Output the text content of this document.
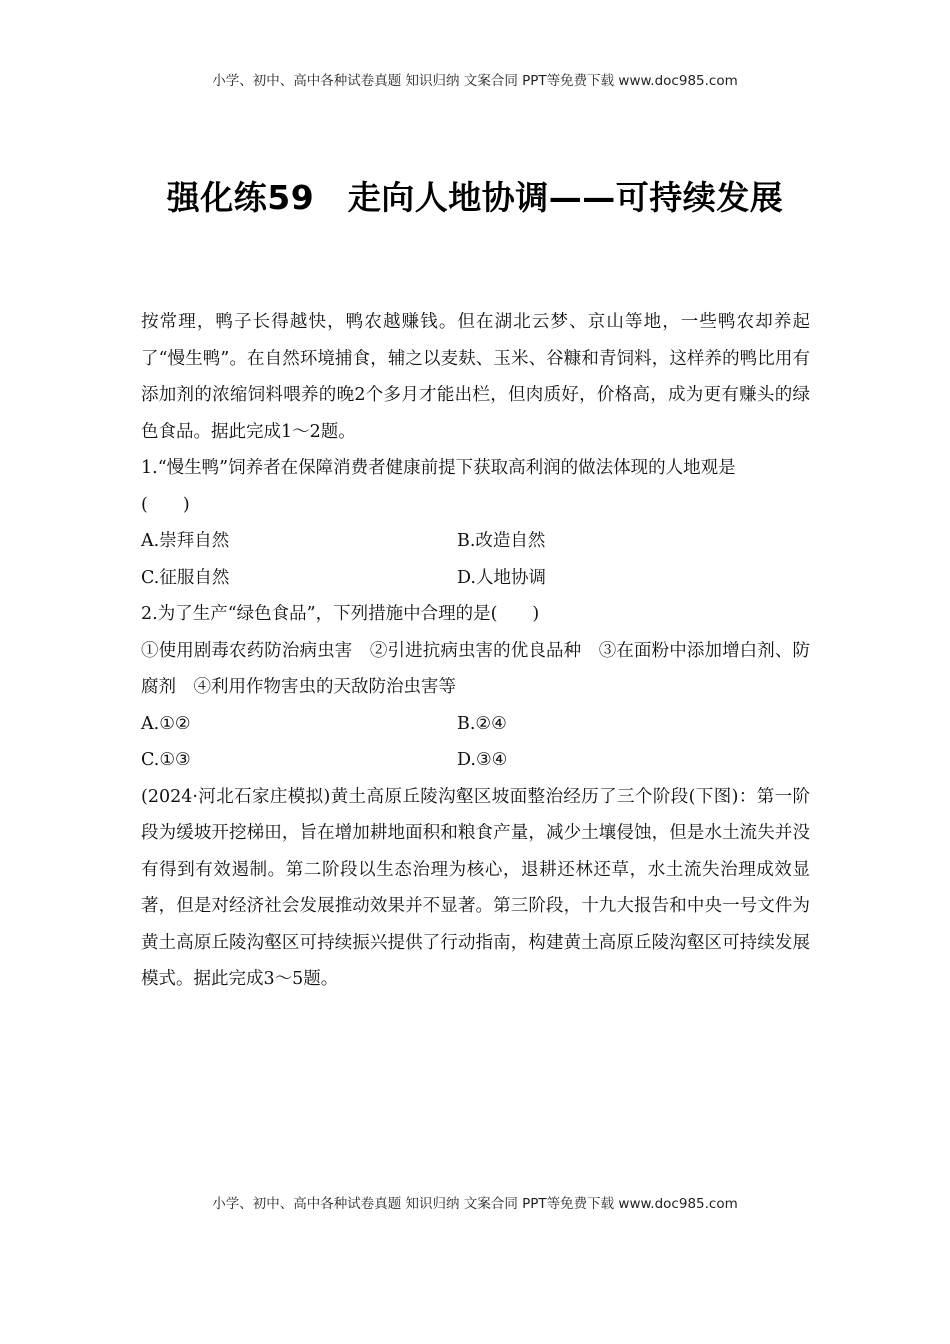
小学、初中、高中各种试卷真题 知识归纳 文案合同 PPT等免费下载 www.doc985.com
强化练59　走向人地协调——可持续发展

按常理，鸭子长得越快，鸭农越赚钱。但在湖北云梦、京山等地，一些鸭农却养起了“慢生鸭”。在自然环境捕食，辅之以麦麸、玉米、谷糠和青饲料，这样养的鸭比用有添加剂的浓缩饲料喂养的晚2个多月才能出栏，但肉质好，价格高，成为更有赚头的绿色食品。据此完成1～2题。

1.“慢生鸭”饲养者在保障消费者健康前提下获取高利润的做法体现的人地观是

(　　)

A.崇拜自然	B.改造自然
C.征服自然	D.人地协调

2.为了生产“绿色食品”，下列措施中合理的是(　　)

①使用剧毒农药防治病虫害　②引进抗病虫害的优良品种　③在面粉中添加增白剂、防腐剂　④利用作物害虫的天敌防治虫害等

A.①②	B.②④
C.①③	D.③④

(2024·河北石家庄模拟)黄土高原丘陵沟壑区坡面整治经历了三个阶段(下图)：第一阶段为缓坡开挖梯田，旨在增加耕地面积和粮食产量，减少土壤侵蚀，但是水土流失并没有得到有效遏制。第二阶段以生态治理为核心，退耕还林还草，水土流失治理成效显著，但是对经济社会发展推动效果并不显著。第三阶段，十九大报告和中央一号文件为黄土高原丘陵沟壑区可持续振兴提供了行动指南，构建黄土高原丘陵沟壑区可持续发展模式。据此完成3～5题。

小学、初中、高中各种试卷真题 知识归纳 文案合同 PPT等免费下载 www.doc985.com
